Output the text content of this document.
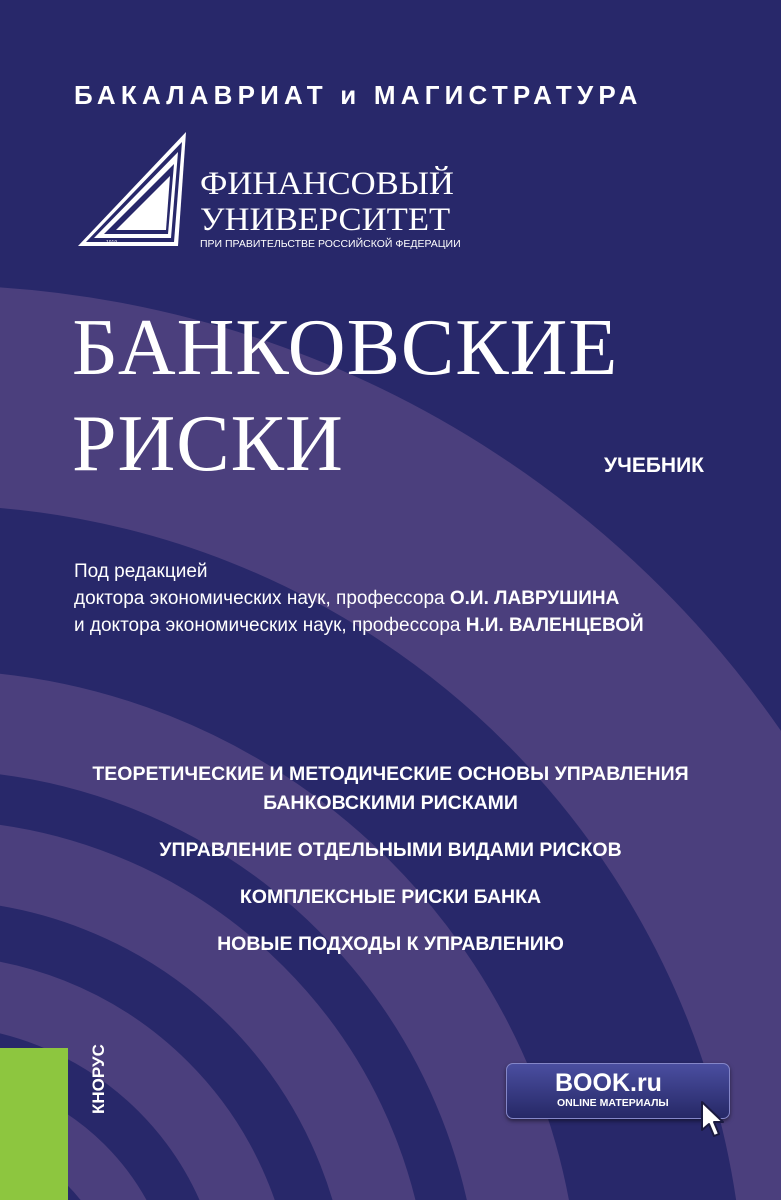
БАКАЛАВРИАТ и МАГИСТРАТУРА
1919
ФИНАНСОВЫЙ
УНИВЕРСИТЕТ
ПРИ ПРАВИТЕЛЬСТВЕ РОССИЙСКОЙ ФЕДЕРАЦИИ
БАНКОВСКИЕ
РИСКИ	УЧЕБНИК
Под редакцией
доктора экономических наук, профессора О.И. ЛАВРУШИНА
и доктора экономических наук, профессора Н.И. ВАЛЕНЦЕВОЙ
ТЕОРЕТИЧЕСКИЕ И МЕТОДИЧЕСКИЕ ОСНОВЫ УПРАВЛЕНИЯ
БАНКОВСКИМИ РИСКАМИ
УПРАВЛЕНИЕ ОТДЕЛЬНЫМИ ВИДАМИ РИСКОВ
КОМПЛЕКСНЫЕ РИСКИ БАНКА
НОВЫЕ ПОДХОДЫ К УПРАВЛЕНИЮ
КНОРУС	BOOK.ru
ONLINE МАТЕРИАЛЫ
